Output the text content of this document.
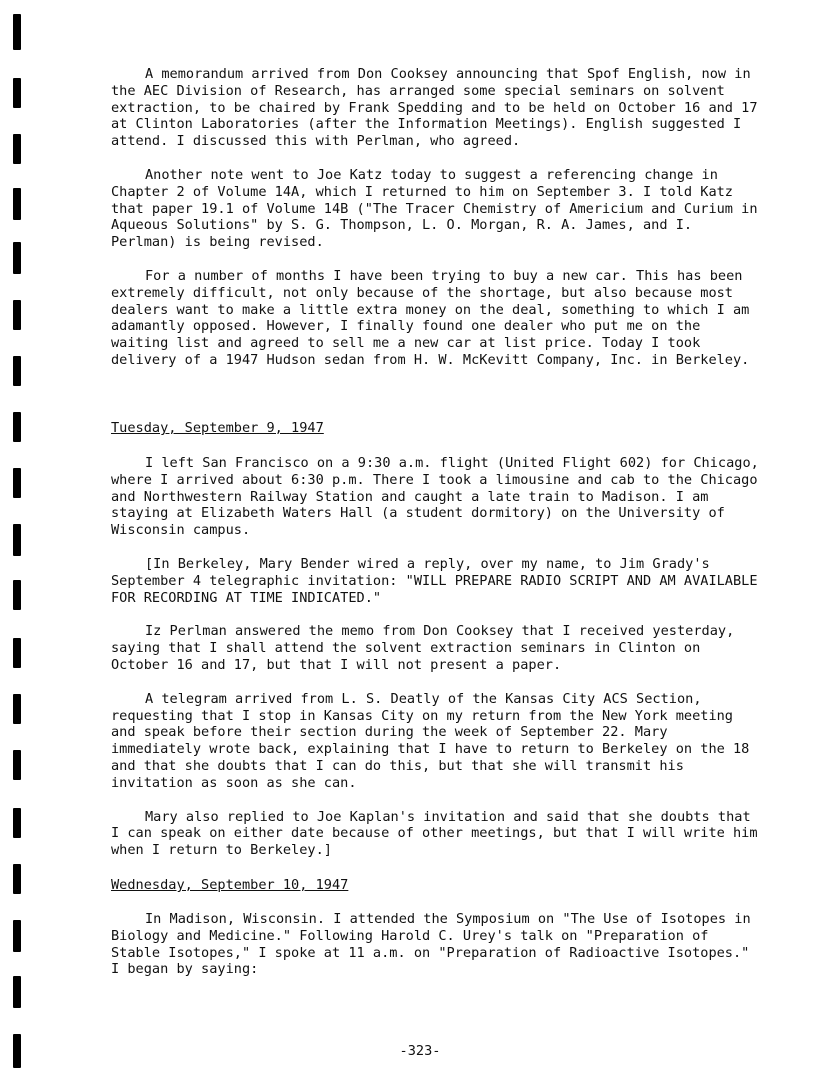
A memorandum arrived from Don Cooksey announcing that Spof English, now in the AEC Division of Research, has arranged some special seminars on solvent extraction, to be chaired by Frank Spedding and to be held on October 16 and 17 at Clinton Laboratories (after the Information Meetings). English suggested I attend. I discussed this with Perlman, who agreed.

Another note went to Joe Katz today to suggest a referencing change in Chapter 2 of Volume 14A, which I returned to him on September 3. I told Katz that paper 19.1 of Volume 14B ("The Tracer Chemistry of Americium and Curium in Aqueous Solutions" by S. G. Thompson, L. O. Morgan, R. A. James, and I. Perlman) is being revised.

For a number of months I have been trying to buy a new car. This has been extremely difficult, not only because of the shortage, but also because most dealers want to make a little extra money on the deal, something to which I am adamantly opposed. However, I finally found one dealer who put me on the waiting list and agreed to sell me a new car at list price. Today I took delivery of a 1947 Hudson sedan from H. W. McKevitt Company, Inc. in Berkeley.

Tuesday, September 9, 1947

I left San Francisco on a 9:30 a.m. flight (United Flight 602) for Chicago, where I arrived about 6:30 p.m. There I took a limousine and cab to the Chicago and Northwestern Railway Station and caught a late train to Madison. I am staying at Elizabeth Waters Hall (a student dormitory) on the University of Wisconsin campus.

[In Berkeley, Mary Bender wired a reply, over my name, to Jim Grady's September 4 telegraphic invitation: "WILL PREPARE RADIO SCRIPT AND AM AVAILABLE FOR RECORDING AT TIME INDICATED."

Iz Perlman answered the memo from Don Cooksey that I received yesterday, saying that I shall attend the solvent extraction seminars in Clinton on October 16 and 17, but that I will not present a paper.

A telegram arrived from L. S. Deatly of the Kansas City ACS Section, requesting that I stop in Kansas City on my return from the New York meeting and speak before their section during the week of September 22. Mary immediately wrote back, explaining that I have to return to Berkeley on the 18 and that she doubts that I can do this, but that she will transmit his invitation as soon as she can.

Mary also replied to Joe Kaplan's invitation and said that she doubts that I can speak on either date because of other meetings, but that I will write him when I return to Berkeley.]

Wednesday, September 10, 1947

In Madison, Wisconsin. I attended the Symposium on "The Use of Isotopes in Biology and Medicine." Following Harold C. Urey's talk on "Preparation of Stable Isotopes," I spoke at 11 a.m. on "Preparation of Radioactive Isotopes." I began by saying:

-323-
